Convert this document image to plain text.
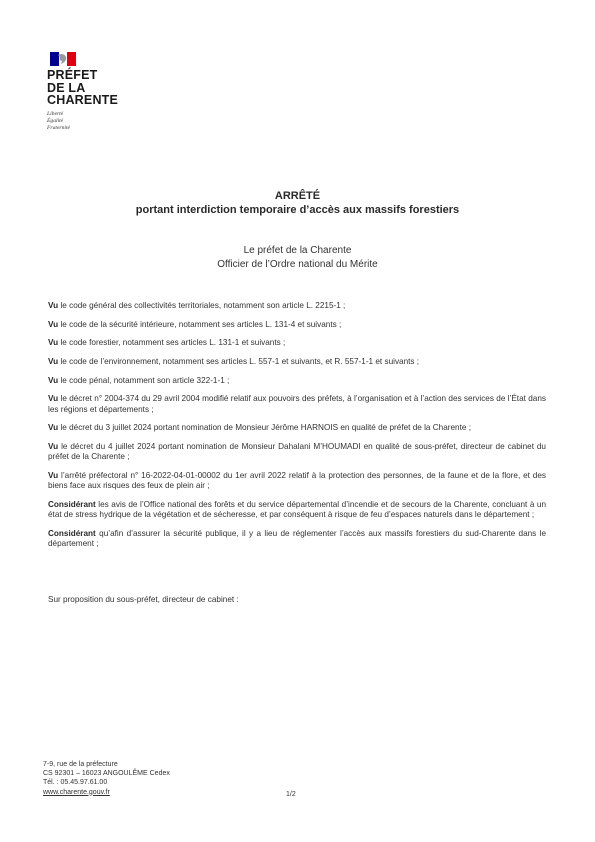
PRÉFET
DE LA
CHARENTE
Liberté
Égalité
Fraternité
ARRÊTÉ
portant interdiction temporaire d’accès aux massifs forestiers
Le préfet de la Charente
Officier de l’Ordre national du Mérite

Vu le code général des collectivités territoriales, notamment son article L. 2215-1 ;

Vu le code de la sécurité intérieure, notamment ses articles L. 131-4 et suivants ;

Vu le code forestier, notamment ses articles L. 131-1 et suivants ;

Vu le code de l’environnement, notamment ses articles L. 557-1 et suivants, et R. 557-1-1 et suivants ;

Vu le code pénal, notamment son article 322-1-1 ;

Vu le décret n° 2004-374 du 29 avril 2004 modifié relatif aux pouvoirs des préfets, à l’organisation et à l’action des services de l’État dans les régions et départements ;

Vu le décret du 3 juillet 2024 portant nomination de Monsieur Jérôme HARNOIS en qualité de préfet de la Charente ;

Vu le décret du 4 juillet 2024 portant nomination de Monsieur Dahalani M’HOUMADI en qualité de sous-préfet, directeur de cabinet du préfet de la Charente ;

Vu l’arrêté préfectoral n° 16-2022-04-01-00002 du 1er avril 2022 relatif à la protection des personnes, de la faune et de la flore, et des biens face aux risques des feux de plein air ;

Considérant les avis de l’Office national des forêts et du service départemental d’incendie et de secours de la Charente, concluant à un état de stress hydrique de la végétation et de sécheresse, et par conséquent à risque de feu d’espaces naturels dans le département ;

Considérant qu’afin d’assurer la sécurité publique, il y a lieu de réglementer l’accès aux massifs forestiers du sud-Charente dans le département ;

Sur proposition du sous-préfet, directeur de cabinet :
7-9, rue de la préfecture
CS 92301 – 16023 ANGOULÊME Cedex
Tél. : 05.45.97.61.00
www.charente.gouv.fr	1/2
